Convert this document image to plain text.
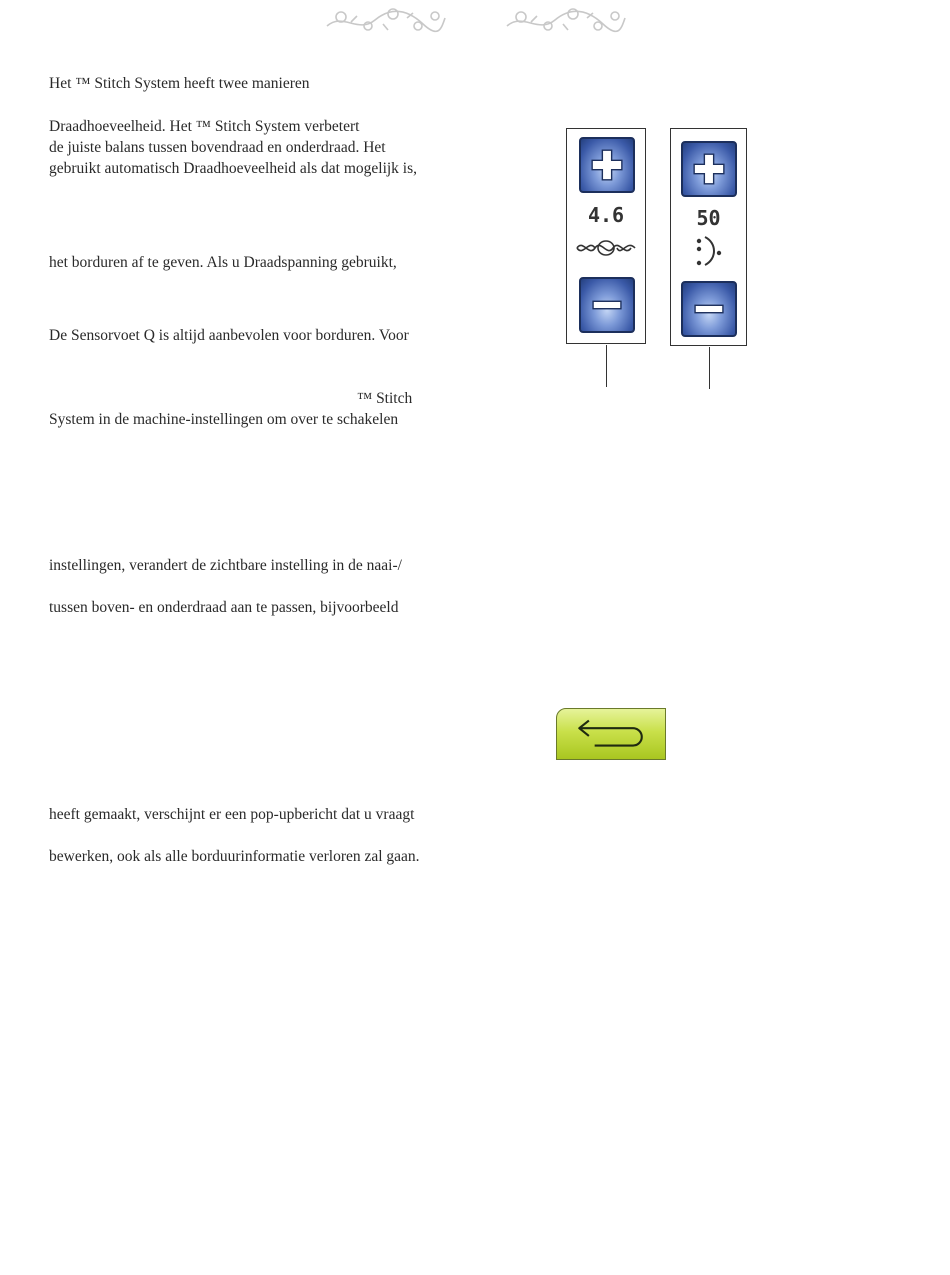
Het ™ Stitch System heeft twee manieren
Draadhoeveelheid. Het ™ Stitch System verbetert
de juiste balans tussen bovendraad en onderdraad. Het
gebruikt automatisch Draadhoeveelheid als dat mogelijk is,
het borduren af te geven. Als u Draadspanning gebruikt,
De Sensorvoet Q is altijd aanbevolen voor borduren. Voor
™ Stitch
System in de machine-instellingen om over te schakelen
instellingen, verandert de zichtbare instelling in de naai-/
tussen boven- en onderdraad aan te passen, bijvoorbeeld
heeft gemaakt, verschijnt er een pop-upbericht dat u vraagt
bewerken, ook als alle borduurinformatie verloren zal gaan.
4.6	50
